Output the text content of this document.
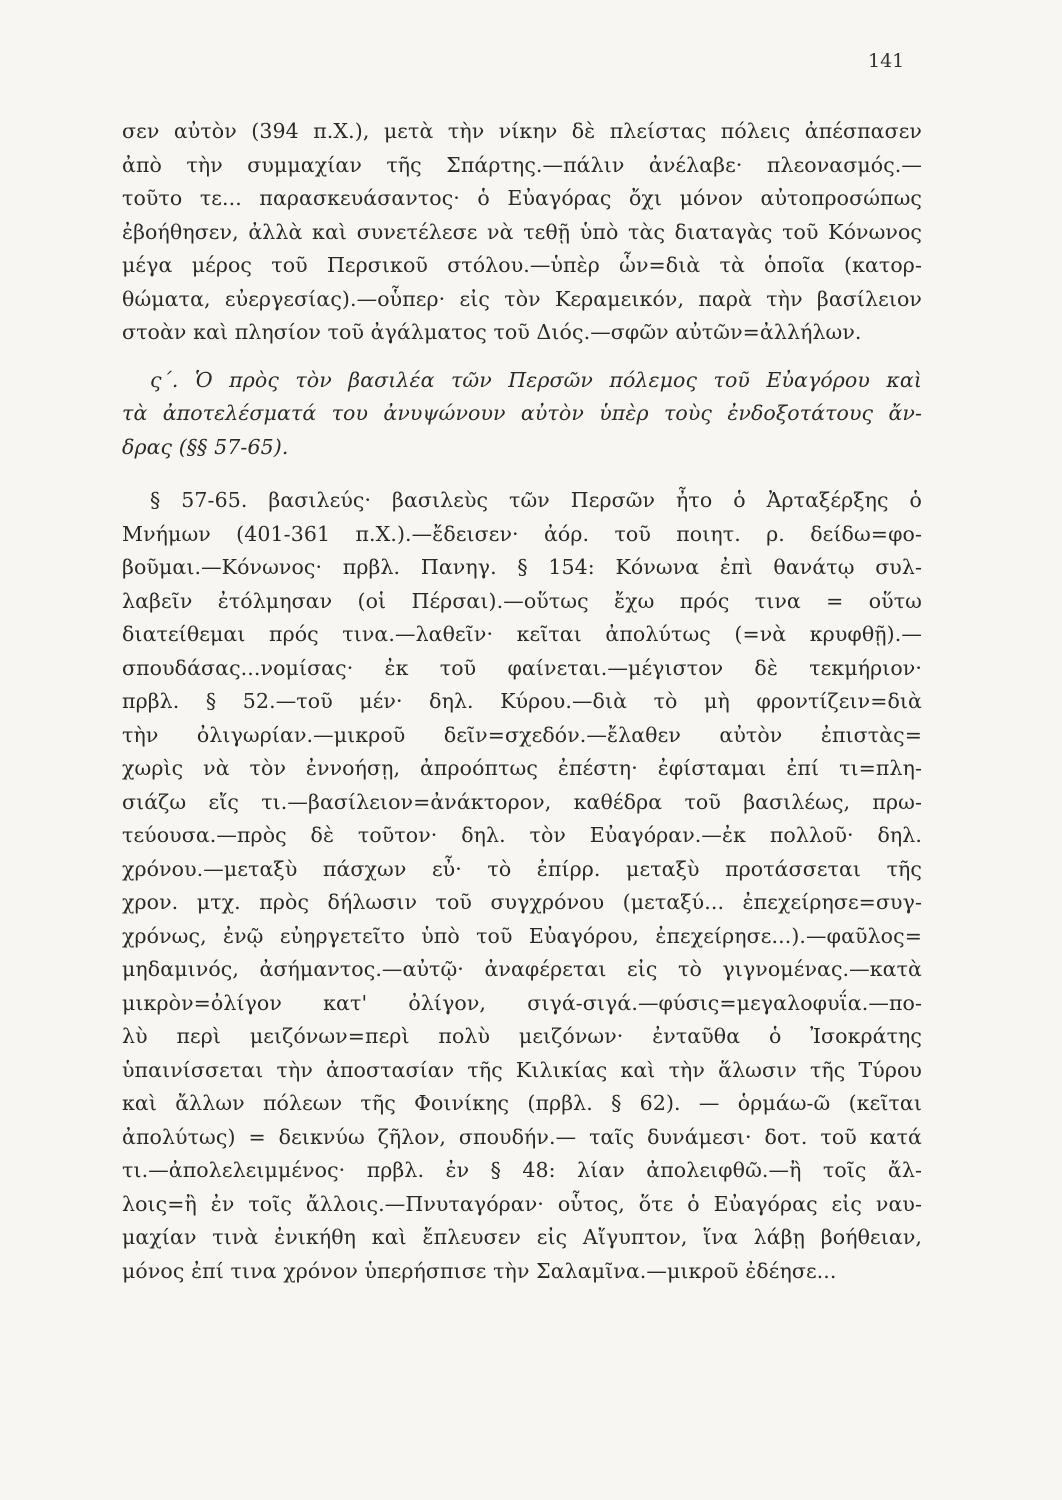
141
σεν αὐτὸν (394 π.Χ.), μετὰ τὴν νίκην δὲ πλείστας πόλεις ἀπέσπασεν
ἀπὸ τὴν συμμαχίαν τῆς Σπάρτης.—πάλιν ἀνέλαβε· πλεονασμός.—
τοῦτο τε... παρασκευάσαντος· ὁ Εὐαγόρας ὄχι μόνον αὐτοπροσώπως
ἐβοήθησεν, ἀλλὰ καὶ συνετέλεσε νὰ τεθῇ ὑπὸ τὰς διαταγὰς τοῦ Κόνωνος
μέγα μέρος τοῦ Περσικοῦ στόλου.—ὑπὲρ ὧν=διὰ τὰ ὁποῖα (κατορ-
θώματα, εὐεργεσίας).—οὗπερ· εἰς τὸν Κεραμεικόν, παρὰ τὴν βασίλειον
στοὰν καὶ πλησίον τοῦ ἀγάλματος τοῦ Διός.—σφῶν αὐτῶν=ἀλλήλων.
ς΄. Ὁ πρὸς τὸν βασιλέα τῶν Περσῶν πόλεμος τοῦ Εὐαγόρου καὶ
τὰ ἀποτελέσματά του ἀνυψώνουν αὐτὸν ὑπὲρ τοὺς ἐνδοξοτάτους ἄν-
δρας (§§ 57-65).
§ 57-65. βασιλεύς· βασιλεὺς τῶν Περσῶν ἦτο ὁ Ἀρταξέρξης ὁ
Μνήμων (401-361 π.Χ.).—ἔδεισεν· ἀόρ. τοῦ ποιητ. ρ. δείδω=φο-
βοῦμαι.—Κόνωνος· πρβλ. Πανηγ. § 154: Κόνωνα ἐπὶ θανάτῳ συλ-
λαβεῖν ἐτόλμησαν (οἱ Πέρσαι).—οὕτως ἔχω πρός τινα = οὕτω
διατείθεμαι πρός τινα.—λαθεῖν· κεῖται ἀπολύτως (=νὰ κρυφθῇ).—
σπουδάσας...νομίσας· ἐκ τοῦ φαίνεται.—μέγιστον δὲ τεκμήριον·
πρβλ. § 52.—τοῦ μέν· δηλ. Κύρου.—διὰ τὸ μὴ φροντίζειν=διὰ
τὴν ὀλιγωρίαν.—μικροῦ δεῖν=σχεδόν.—ἔλαθεν αὐτὸν ἐπιστὰς=
χωρὶς νὰ τὸν ἐννοήσῃ, ἀπροόπτως ἐπέστη· ἐφίσταμαι ἐπί τι=πλη-
σιάζω εἴς τι.—βασίλειον=ἀνάκτορον, καθέδρα τοῦ βασιλέως, πρω-
τεύουσα.—πρὸς δὲ τοῦτον· δηλ. τὸν Εὐαγόραν.—ἐκ πολλοῦ· δηλ.
χρόνου.—μεταξὺ πάσχων εὖ· τὸ ἐπίρρ. μεταξὺ προτάσσεται τῆς
χρον. μτχ. πρὸς δήλωσιν τοῦ συγχρόνου (μεταξύ... ἐπεχείρησε=συγ-
χρόνως, ἐνῷ εὐηργετεῖτο ὑπὸ τοῦ Εὐαγόρου, ἐπεχείρησε...).—φαῦλος=
μηδαμινός, ἀσήμαντος.—αὐτῷ· ἀναφέρεται εἰς τὸ γιγνομένας.—κατὰ
μικρὸν=ὀλίγον κατ' ὀλίγον, σιγά-σιγά.—φύσις=μεγαλοφυΐα.—πο-
λὺ περὶ μειζόνων=περὶ πολὺ μειζόνων· ἐνταῦθα ὁ Ἰσοκράτης
ὑπαινίσσεται τὴν ἀποστασίαν τῆς Κιλικίας καὶ τὴν ἅλωσιν τῆς Τύρου
καὶ ἄλλων πόλεων τῆς Φοινίκης (πρβλ. § 62). — ὁρμάω-ῶ (κεῖται
ἀπολύτως) = δεικνύω ζῆλον, σπουδήν.— ταῖς δυνάμεσι· δοτ. τοῦ κατά
τι.—ἀπολελειμμένος· πρβλ. ἐν § 48: λίαν ἀπολειφθῶ.—ἢ τοῖς ἄλ-
λοις=ἢ ἐν τοῖς ἄλλοις.—Πνυταγόραν· οὗτος, ὅτε ὁ Εὐαγόρας εἰς ναυ-
μαχίαν τινὰ ἐνικήθη καὶ ἔπλευσεν εἰς Αἴγυπτον, ἵνα λάβῃ βοήθειαν,
μόνος ἐπί τινα χρόνον ὑπερήσπισε τὴν Σαλαμῖνα.—μικροῦ ἐδέησε...
